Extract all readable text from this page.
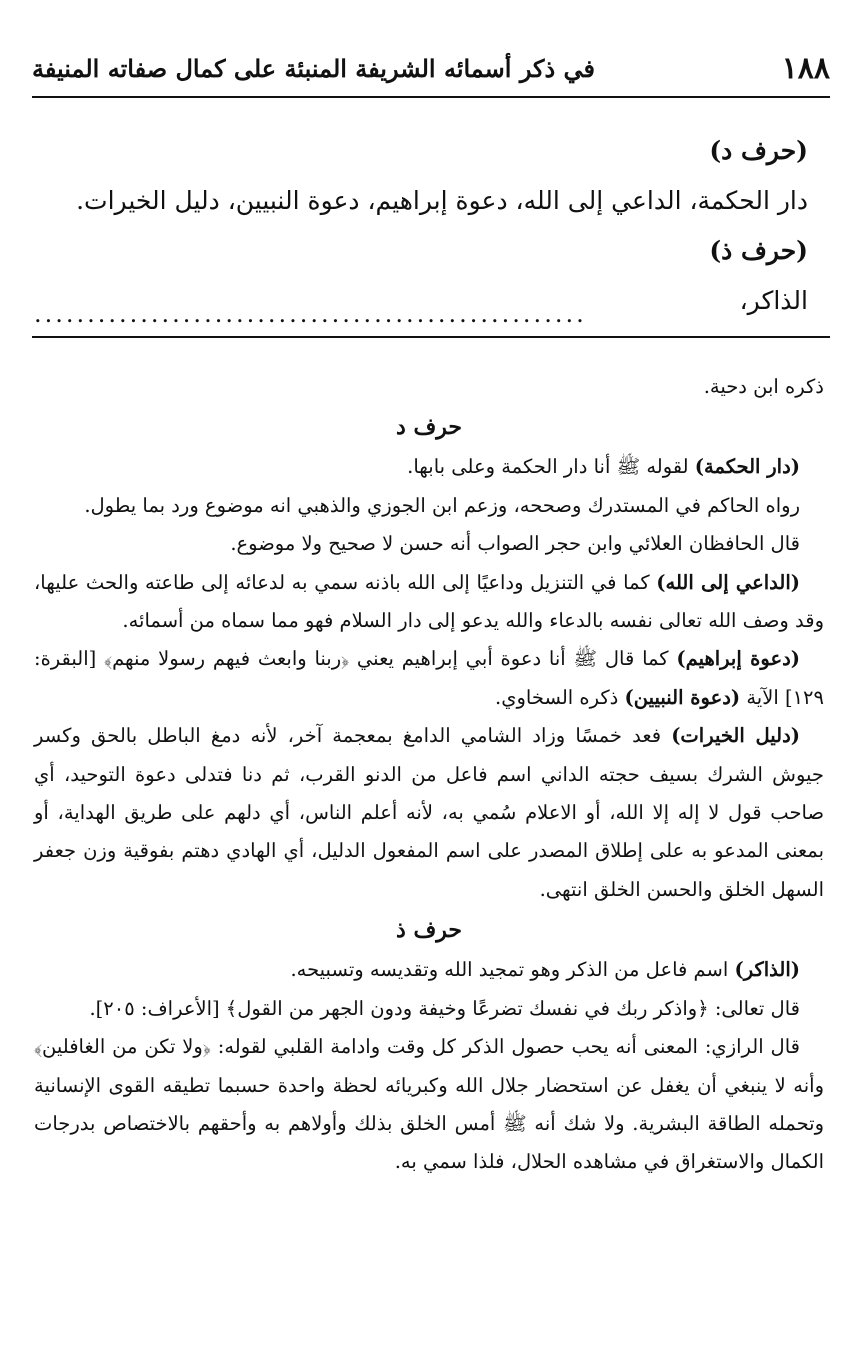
١٨٨
في ذكر أسمائه الشريفة المنبئة على كمال صفاته المنيفة
(حرف د)
دار الحكمة، الداعي إلى الله، دعوة إبراهيم، دعوة النبيين، دليل الخيرات.
(حرف ذ)
الذاكر،
....................................................

ذكره ابن دحية.

حرف د

(دار الحكمة) لقوله ﷺ أنا دار الحكمة وعلى بابها.

رواه الحاكم في المستدرك وصححه، وزعم ابن الجوزي والذهبي انه موضوع ورد بما يطول.

قال الحافظان العلائي وابن حجر الصواب أنه حسن لا صحيح ولا موضوع.

(الداعي إلى الله) كما في التنزيل وداعيًا إلى الله باذنه سمي به لدعائه إلى طاعته والحث عليها، وقد وصف الله تعالى نفسه بالدعاء والله يدعو إلى دار السلام فهو مما سماه من أسمائه.

(دعوة إبراهيم) كما قال ﷺ أنا دعوة أبي إبراهيم يعني ﴿ربنا وابعث فيهم رسولا منهم﴾ [البقرة: ١٢٩] الآية (دعوة النبيين) ذكره السخاوي.

(دليل الخيرات) فعد خمسًا وزاد الشامي الدامغ بمعجمة آخر، لأنه دمغ الباطل بالحق وكسر جيوش الشرك بسيف حجته الداني اسم فاعل من الدنو القرب، ثم دنا فتدلى دعوة التوحيد، أي صاحب قول لا إله إلا الله، أو الاعلام سُمي به، لأنه أعلم الناس، أي دلهم على طريق الهداية، أو بمعنى المدعو به على إطلاق المصدر على اسم المفعول الدليل، أي الهادي دهتم بفوقية وزن جعفر السهل الخلق والحسن الخلق انتهى.

حرف ذ

(الذاكر) اسم فاعل من الذكر وهو تمجيد الله وتقديسه وتسبيحه.

قال تعالى: ﴿واذكر ربك في نفسك تضرعًا وخيفة ودون الجهر من القول﴾ [الأعراف: ٢٠٥].

قال الرازي: المعنى أنه يحب حصول الذكر كل وقت وادامة القلبي لقوله: ﴿ولا تكن من الغافلين﴾ وأنه لا ينبغي أن يغفل عن استحضار جلال الله وكبريائه لحظة واحدة حسبما تطيقه القوى الإنسانية وتحمله الطاقة البشرية. ولا شك أنه ﷺ أمس الخلق بذلك وأولاهم به وأحقهم بالاختصاص بدرجات الكمال والاستغراق في مشاهده الحلال، فلذا سمي به.
